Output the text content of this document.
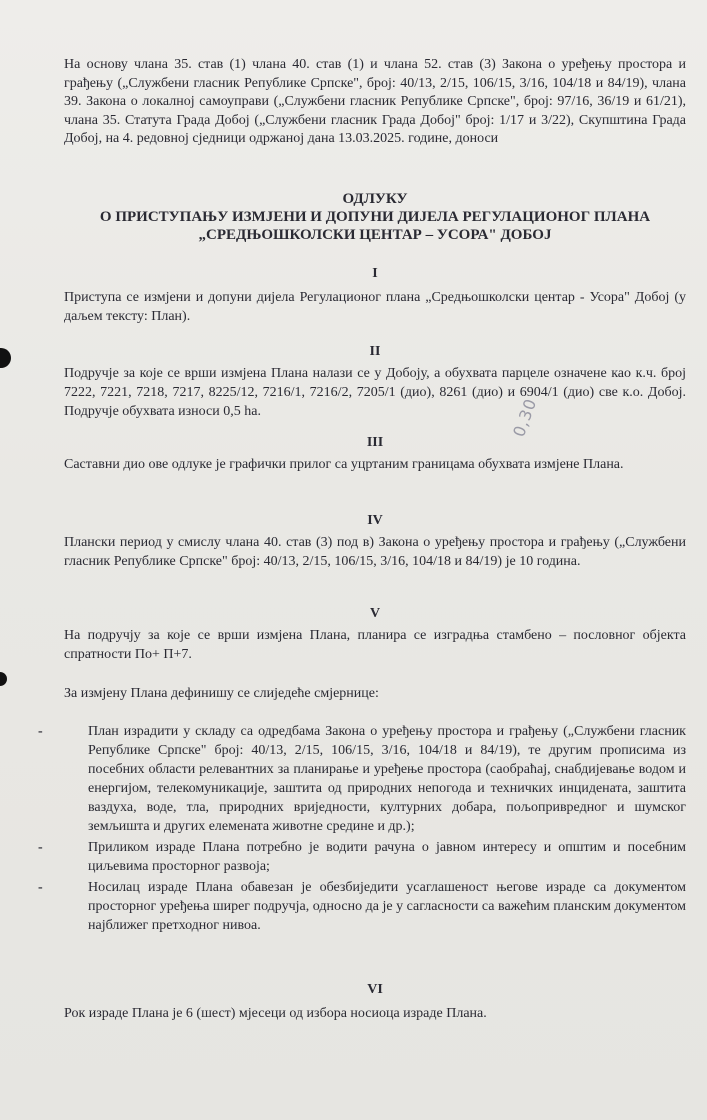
На основу члана 35. став (1) члана 40. став (1) и члана 52. став (3) Закона о уређењу простора и грађењу („Службени гласник Републике Српске", број: 40/13, 2/15, 106/15, 3/16, 104/18 и 84/19), члана 39. Закона о локалној самоуправи („Службени гласник Републике Српске", број: 97/16, 36/19 и 61/21), члана 35. Статута Града Добој („Службени гласник Града Добој" број: 1/17 и 3/22), Скупштина Града Добој, на 4. редовној сједници одржаној дана 13.03.2025. године, доноси
ОДЛУКУ
О ПРИСТУПАЊУ ИЗМЈЕНИ И ДОПУНИ ДИЈЕЛА РЕГУЛАЦИОНОГ ПЛАНА
„СРЕДЊОШКОЛСКИ ЦЕНТАР – УСОРА" ДОБОЈ
I
Приступа се измјени и допуни дијела Регулационог плана „Средњошколски центар - Усора" Добој (у даљем тексту: План).
II
Подручје за које се врши измјена Плана налази се у Добоју, а обухвата парцеле означене као к.ч. број 7222, 7221, 7218, 7217, 8225/12, 7216/1, 7216/2, 7205/1 (дио), 8261 (дио) и 6904/1 (дио) све к.о. Добој. Подручје обухвата износи 0,5 ha.
III
Саставни дио ове одлуке је графички прилог са уцртаним границама обухвата измјене Плана.
IV
Плански период у смислу члана 40. став (3) под в) Закона о уређењу простора и грађењу („Службени гласник Републике Српске" број: 40/13, 2/15, 106/15, 3/16, 104/18 и 84/19) је 10 година.
V
На подручју за које се врши измјена Плана, планира се изградња стамбено – пословног објекта спратности По+ П+7.
За измјену Плана дефинишу се слиједеће смјернице:
-	План израдити у складу са одредбама Закона о уређењу простора и грађењу („Службени гласник Републике Српске" број: 40/13, 2/15, 106/15, 3/16, 104/18 и 84/19), те другим прописима из посебних области релевантних за планирање и уређење простора (саобраћај, снабдијевање водом и енергијом, телекомуникације, заштита од природних непогода и техничких инцидената, заштита ваздуха, воде, тла, природних вриједности, културних добара, пољопривредног и шумског земљишта и других елемената животне средине и др.);
-	Приликом израде Плана потребно је водити рачуна о јавном интересу и општим и посебним циљевима просторног развоја;
-	Носилац израде Плана обавезан је обезбиједити усаглашеност његове израде са документом просторног уређења ширег подручја, односно да је у сагласности са важећим планским документом најближег претходног нивоа.
VI
Рок израде Плана је 6 (шест) мјесеци од избора носиоца израде Плана.
0,30
